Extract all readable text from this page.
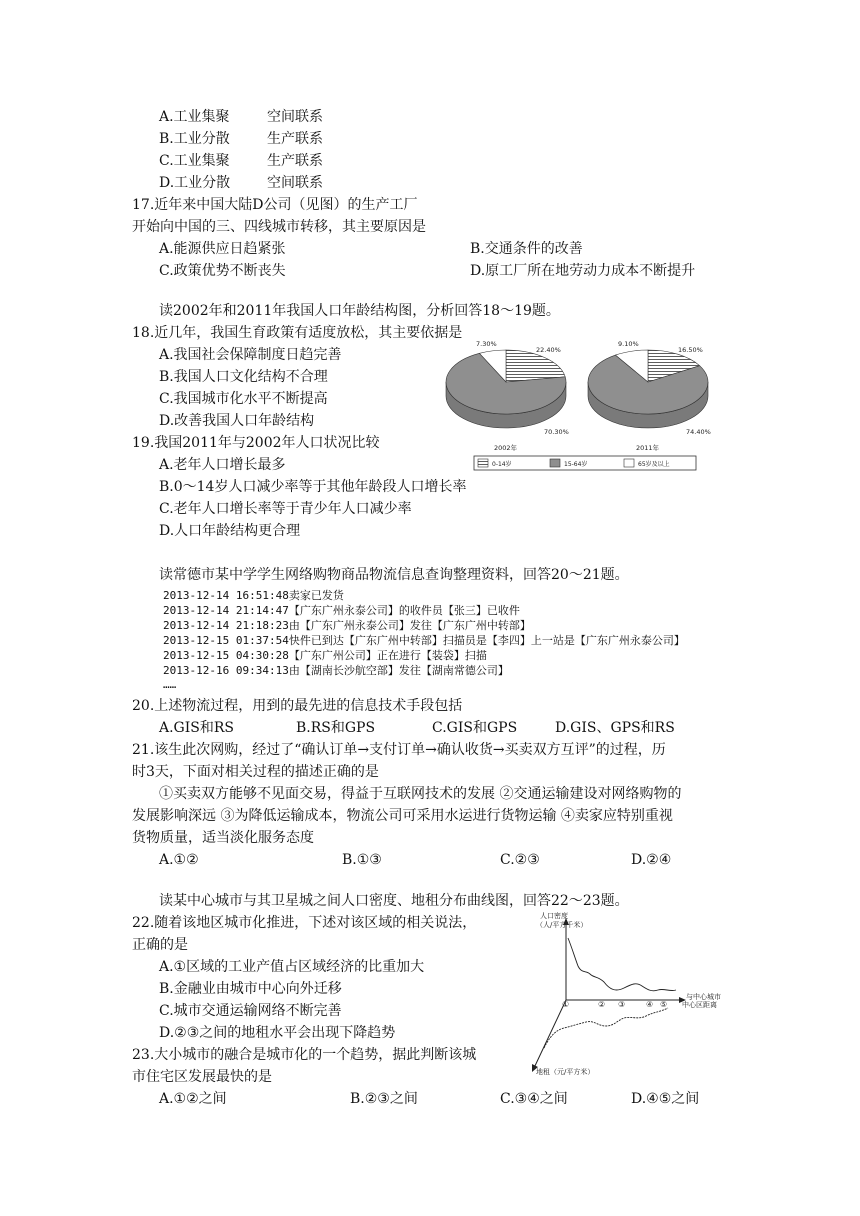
A.工业集聚	空间联系
B.工业分散	生产联系
C.工业集聚	生产联系
D.工业分散	空间联系
17.近年来中国大陆D公司（见图）的生产工厂
开始向中国的三、四线城市转移，其主要原因是
A.能源供应日趋紧张	B.交通条件的改善
C.政策优势不断丧失	D.原工厂所在地劳动力成本不断提升
读2002年和2011年我国人口年龄结构图，分析回答18～19题。
18.近几年，我国生育政策有适度放松，其主要依据是
A.我国社会保障制度日趋完善
B.我国人口文化结构不合理
C.我国城市化水平不断提高
D.改善我国人口年龄结构
19.我国2011年与2002年人口状况比较
A.老年人口增长最多
B.0～14岁人口减少率等于其他年龄段人口增长率
C.老年人口增长率等于青少年人口减少率
D.人口年龄结构更合理
7.30%
22.40%
70.30%
2002年
9.10%
16.50%
74.40%
2011年
0-14岁	15-64岁	65岁及以上
读常德市某中学学生网络购物商品物流信息查询整理资料，回答20～21题。
2013-12-14 16:51:48卖家已发货
2013-12-14 21:14:47【广东广州永泰公司】的收件员【张三】已收件
2013-12-14 21:18:23由【广东广州永泰公司】发往【广东广州中转部】
2013-12-15 01:37:54快件已到达【广东广州中转部】扫描员是【李四】上一站是【广东广州永泰公司】
2013-12-15 04:30:28【广东广州公司】正在进行【装袋】扫描
2013-12-16 09:34:13由【湖南长沙航空部】发往【湖南常德公司】
……
20.上述物流过程，用到的最先进的信息技术手段包括
A.GIS和RS	B.RS和GPS	C.GIS和GPS	D.GIS、GPS和RS
21.该生此次网购，经过了“确认订单→支付订单→确认收货→买卖双方互评”的过程，历
时3天，下面对相关过程的描述正确的是
①买卖双方能够不见面交易，得益于互联网技术的发展 ②交通运输建设对网络购物的
发展影响深远 ③为降低运输成本，物流公司可采用水运进行货物运输 ④卖家应特别重视
货物质量，适当淡化服务态度
A.①②	B.①③	C.②③	D.②④
读某中心城市与其卫星城之间人口密度、地租分布曲线图，回答22～23题。
22.随着该地区城市化推进，下述对该区域的相关说法，
正确的是
A.①区域的工业产值占区域经济的比重加大
B.金融业由城市中心向外迁移
C.城市交通运输网络不断完善
D.②③之间的地租水平会出现下降趋势
23.大小城市的融合是城市化的一个趋势，据此判断该城
市住宅区发展最快的是
A.①②之间	B.②③之间	C.③④之间	D.④⑤之间
①	② ③	④ ⑤
人口密度
（人/平方千米）
与中心城市
中心区距离
地租（元/平方米）
